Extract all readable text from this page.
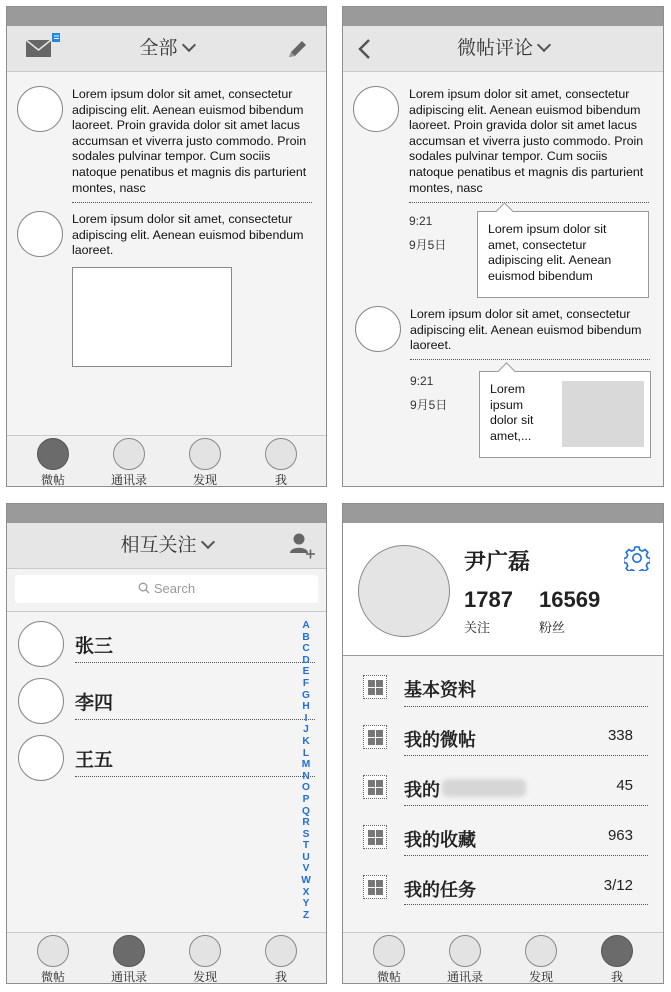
全部
Lorem ipsum dolor sit amet, consectetur adipiscing elit. Aenean euismod bibendum laoreet. Proin gravida dolor sit amet lacus accumsan et viverra justo commodo. Proin sodales pulvinar tempor. Cum sociis natoque penatibus et magnis dis parturient montes, nasc
Lorem ipsum dolor sit amet, consectetur adipiscing elit. Aenean euismod bibendum laoreet.
微帖	通讯录	发现	我
微帖评论
Lorem ipsum dolor sit amet, consectetur adipiscing elit. Aenean euismod bibendum laoreet. Proin gravida dolor sit amet lacus accumsan et viverra justo commodo. Proin sodales pulvinar tempor. Cum sociis natoque penatibus et magnis dis parturient montes, nasc
9:21
9月5日
Lorem ipsum dolor sit amet, consectetur adipiscing elit. Aenean euismod bibendum
Lorem ipsum dolor sit amet, consectetur adipiscing elit. Aenean euismod bibendum laoreet.
9:21
9月5日
Lorem ipsum dolor sit amet,...
相互关注
Search
张三
李四
王五
A
B
C
D
E
F
G
H
I
J
K
L
M
N
O
P
Q
R
S
T
U
V
W
X
Y
Z
微帖	通讯录	发现	我
尹广磊
1787
关注
16569
粉丝
基本资料
我的微帖	338
我的	45
我的收藏	963
我的任务	3/12
微帖	通讯录	发现	我
